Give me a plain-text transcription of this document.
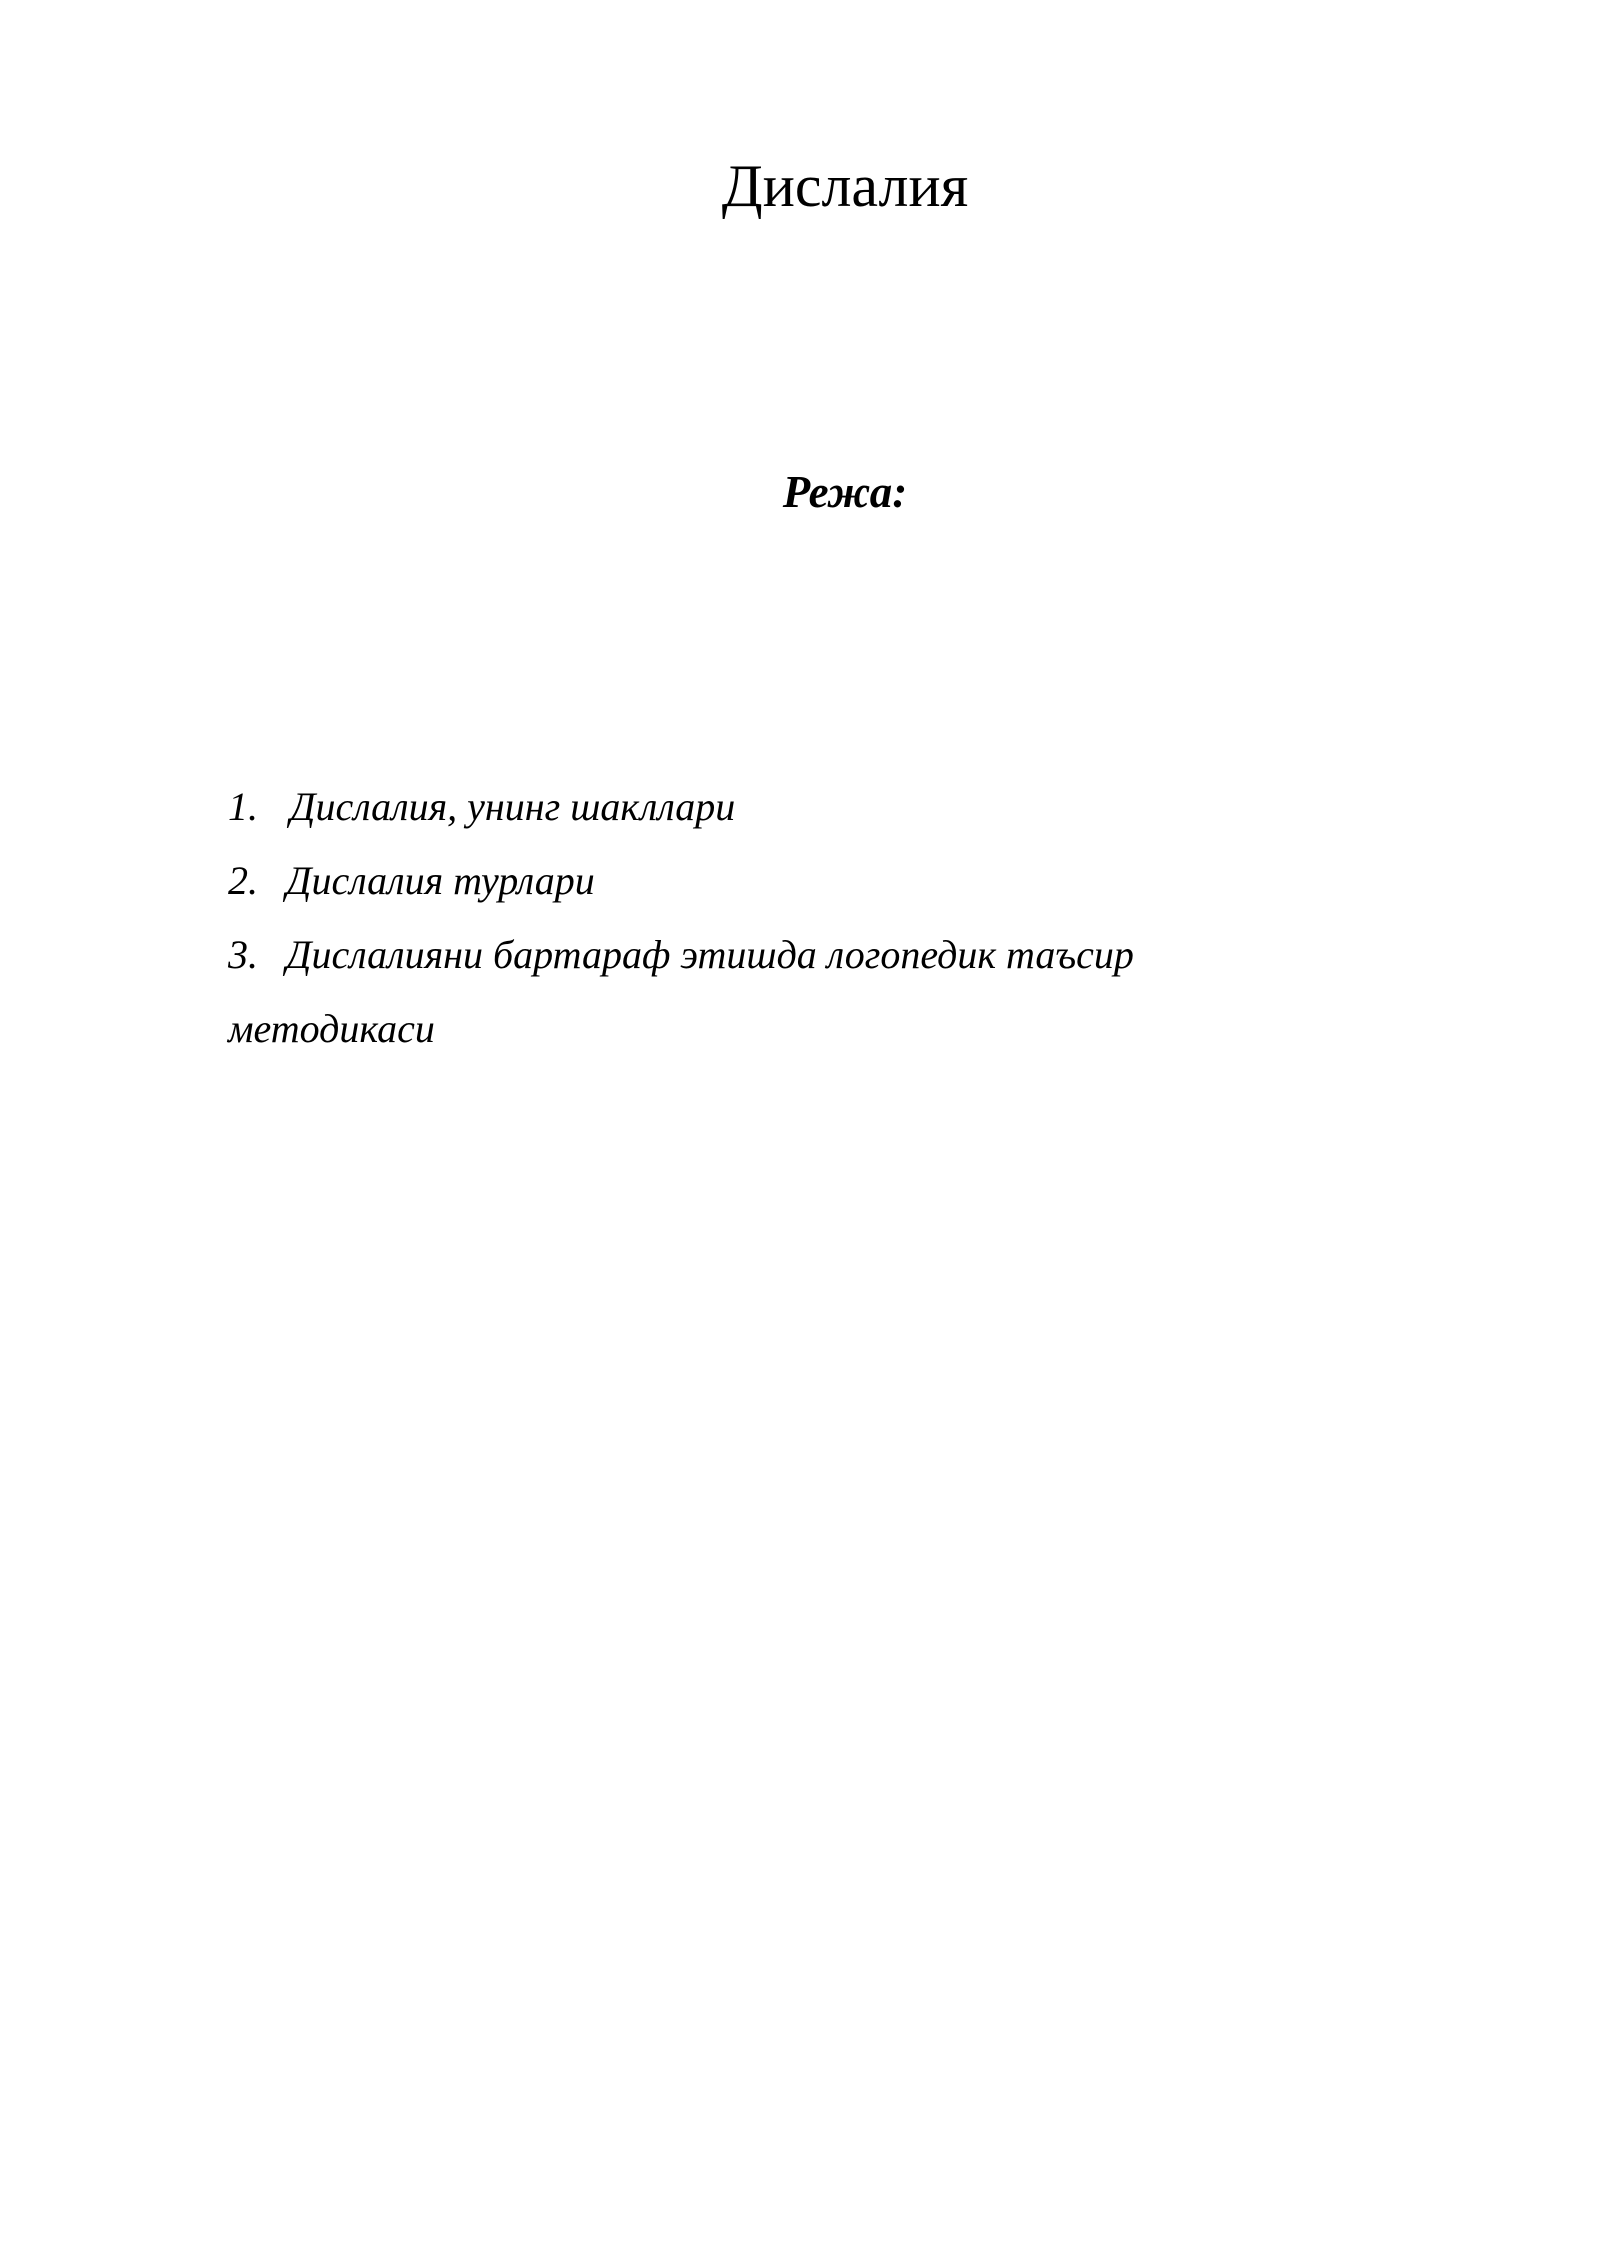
Дислалия
Режа:
1. Дислалия, унинг шакллари
2. Дислалия турлари
3. Дислалияни бартараф этишда логопедик таъсир
методикаси
